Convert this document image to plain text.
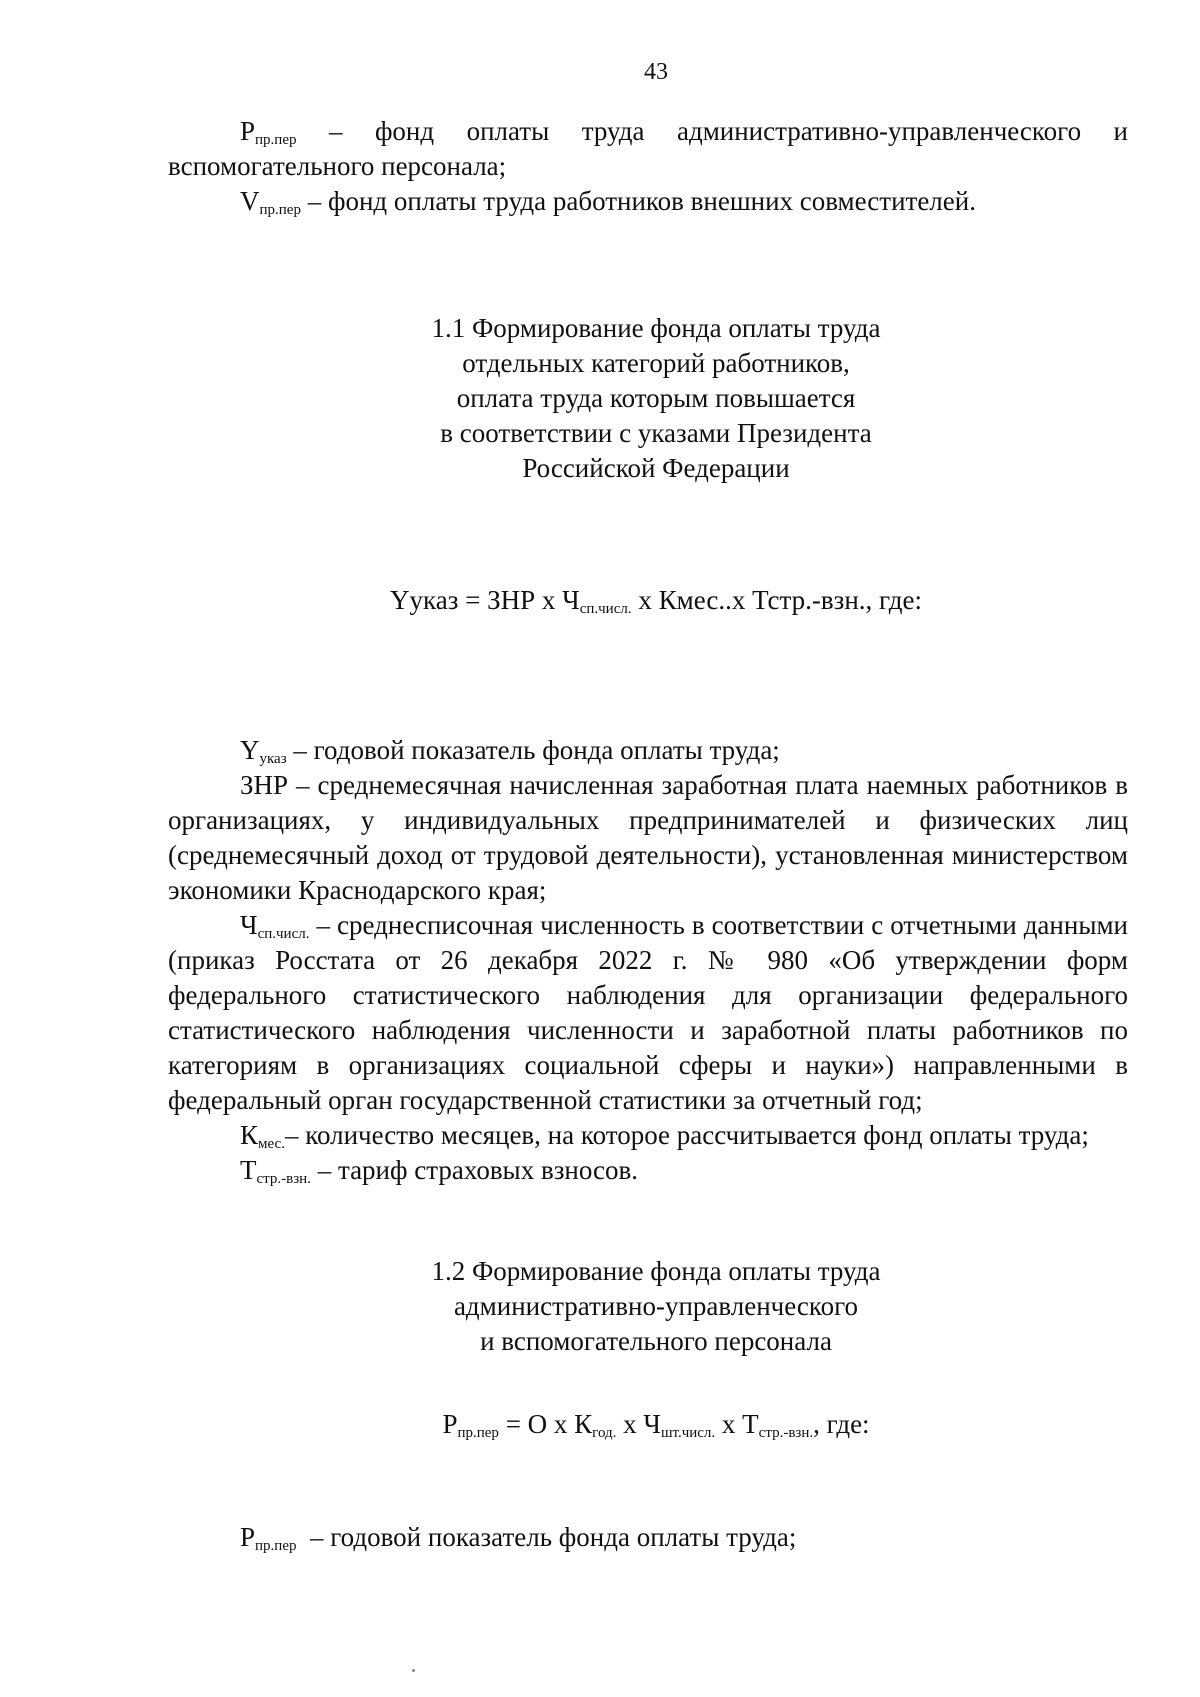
43

$P_{пр.пер}$ – фонд оплаты труда административно-управленческого и вспомогательного персонала;

$V_{пр.пер}$ – фонд оплаты труда работников внешних совместителей.

1.1 Формирование фонда оплаты труда
отдельных категорий работников,
оплата труда которым повышается
в соответствии с указами Президента
Российской Федерации
Yуказ = ЗНР х $Ч_{сп.числ.}$ х Кмес..х Тстр.-взн., где:

$Y_{указ}$ – годовой показатель фонда оплаты труда;

ЗНР – среднемесячная начисленная заработная плата наемных работников в организациях, у индивидуальных предпринимателей и физических лиц (среднемесячный доход от трудовой деятельности), установленная министерством экономики Краснодарского края;

$Ч_{сп.числ.}$ – среднесписочная численность в соответствии с отчетными данными (приказ Росстата от 26 декабря 2022 г. № 980 «Об утверждении форм федерального статистического наблюдения для организации федерального статистического наблюдения численности и заработной платы работников по категориям в организациях социальной сферы и науки») направленными в федеральный орган государственной статистики за отчетный год;

$К_{мес.}-$ количество месяцев, на которое рассчитывается фонд оплаты труда;

$Т_{стр.-взн.}$ – тариф страховых взносов.

1.2 Формирование фонда оплаты труда
административно-управленческого
и вспомогательного персонала
$P_{пр.пер} = О$ х $К_{год.}$ х $Ч_{шт.числ.}$ х $Т_{стр.-взн.}$, где:

$P_{пр.пер}$  – годовой показатель фонда оплаты труда;
